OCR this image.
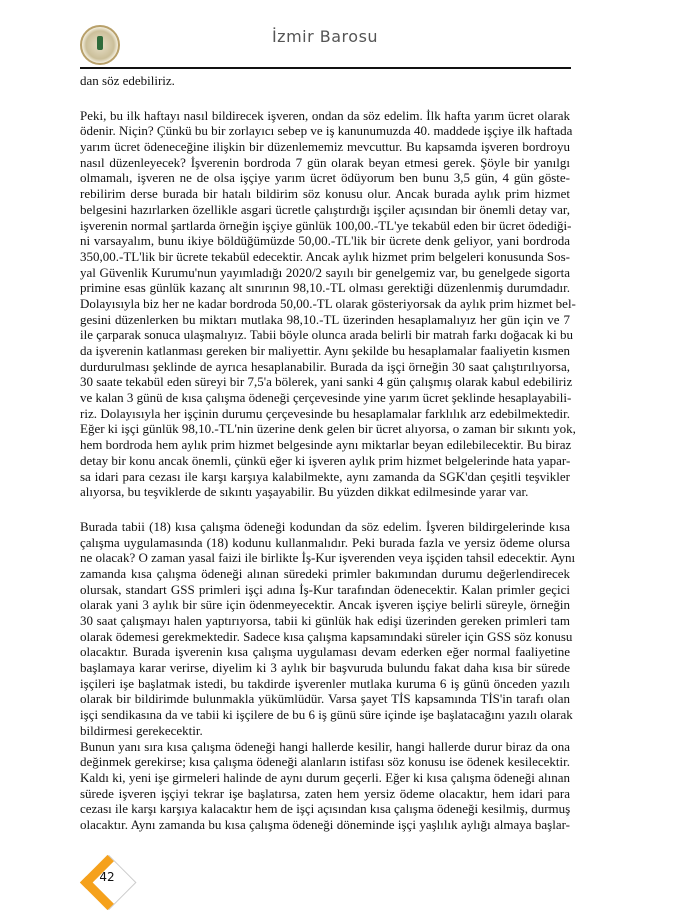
İzmir Barosu
dan söz edebiliriz.
Peki, bu ilk haftayı nasıl bildirecek işveren, ondan da söz edelim. İlk hafta yarım ücret olarak
ödenir. Niçin? Çünkü bu bir zorlayıcı sebep ve iş kanunumuzda 40. maddede işçiye ilk haftada
yarım ücret ödeneceğine ilişkin bir düzenlememiz mevcuttur. Bu kapsamda işveren bordroyu
nasıl düzenleyecek? İşverenin bordroda 7 gün olarak beyan etmesi gerek. Şöyle bir yanılgı
olmamalı, işveren ne de olsa işçiye yarım ücret ödüyorum ben bunu 3,5 gün, 4 gün göste-
rebilirim derse burada bir hatalı bildirim söz konusu olur. Ancak burada aylık prim hizmet
belgesini hazırlarken özellikle asgari ücretle çalıştırdığı işçiler açısından bir önemli detay var,
işverenin normal şartlarda örneğin işçiye günlük 100,00.-TL'ye tekabül eden bir ücret ödediği-
ni varsayalım, bunu ikiye böldüğümüzde 50,00.-TL'lik bir ücrete denk geliyor, yani bordroda
350,00.-TL'lik bir ücrete tekabül edecektir. Ancak aylık hizmet prim belgeleri konusunda Sos-
yal Güvenlik Kurumu'nun yayımladığı 2020/2 sayılı bir genelgemiz var, bu genelgede sigorta
primine esas günlük kazanç alt sınırının 98,10.-TL olması gerektiği düzenlenmiş durumdadır.
Dolayısıyla biz her ne kadar bordroda 50,00.-TL olarak gösteriyorsak da aylık prim hizmet bel-
gesini düzenlerken bu miktarı mutlaka 98,10.-TL üzerinden hesaplamalıyız her gün için ve 7
ile çarparak sonuca ulaşmalıyız. Tabii böyle olunca arada belirli bir matrah farkı doğacak ki bu
da işverenin katlanması gereken bir maliyettir. Aynı şekilde bu hesaplamalar faaliyetin kısmen
durdurulması şeklinde de ayrıca hesaplanabilir. Burada da işçi örneğin 30 saat çalıştırılıyorsa,
30 saate tekabül eden süreyi bir 7,5'a bölerek, yani sanki 4 gün çalışmış olarak kabul edebiliriz
ve kalan 3 günü de kısa çalışma ödeneği çerçevesinde yine yarım ücret şeklinde hesaplayabili-
riz. Dolayısıyla her işçinin durumu çerçevesinde bu hesaplamalar farklılık arz edebilmektedir.
Eğer ki işçi günlük 98,10.-TL'nin üzerine denk gelen bir ücret alıyorsa, o zaman bir sıkıntı yok,
hem bordroda hem aylık prim hizmet belgesinde aynı miktarlar beyan edilebilecektir. Bu biraz
detay bir konu ancak önemli, çünkü eğer ki işveren aylık prim hizmet belgelerinde hata yapar-
sa idari para cezası ile karşı karşıya kalabilmekte, aynı zamanda da SGK'dan çeşitli teşvikler
alıyorsa, bu teşviklerde de sıkıntı yaşayabilir. Bu yüzden dikkat edilmesinde yarar var.
Burada tabii (18) kısa çalışma ödeneği kodundan da söz edelim. İşveren bildirgelerinde kısa
çalışma uygulamasında (18) kodunu kullanmalıdır. Peki burada fazla ve yersiz ödeme olursa
ne olacak? O zaman yasal faizi ile birlikte İş-Kur işverenden veya işçiden tahsil edecektir. Aynı
zamanda kısa çalışma ödeneği alınan süredeki primler bakımından durumu değerlendirecek
olursak, standart GSS primleri işçi adına İş-Kur tarafından ödenecektir. Kalan primler geçici
olarak yani 3 aylık bir süre için ödenmeyecektir. Ancak işveren işçiye belirli süreyle, örneğin
30 saat çalışmayı halen yaptırıyorsa, tabii ki günlük hak edişi üzerinden gereken primleri tam
olarak ödemesi gerekmektedir. Sadece kısa çalışma kapsamındaki süreler için GSS söz konusu
olacaktır. Burada işverenin kısa çalışma uygulaması devam ederken eğer normal faaliyetine
başlamaya karar verirse, diyelim ki 3 aylık bir başvuruda bulundu fakat daha kısa bir sürede
işçileri işe başlatmak istedi, bu takdirde işverenler mutlaka kuruma 6 iş günü önceden yazılı
olarak bir bildirimde bulunmakla yükümlüdür. Varsa şayet TİS kapsamında TİS'in tarafı olan
işçi sendikasına da ve tabii ki işçilere de bu 6 iş günü süre içinde işe başlatacağını yazılı olarak
bildirmesi gerekecektir.
Bunun yanı sıra kısa çalışma ödeneği hangi hallerde kesilir, hangi hallerde durur biraz da ona
değinmek gerekirse; kısa çalışma ödeneği alanların istifası söz konusu ise ödenek kesilecektir.
Kaldı ki, yeni işe girmeleri halinde de aynı durum geçerli. Eğer ki kısa çalışma ödeneği alınan
sürede işveren işçiyi tekrar işe başlatırsa, zaten hem yersiz ödeme olacaktır, hem idari para
cezası ile karşı karşıya kalacaktır hem de işçi açısından kısa çalışma ödeneği kesilmiş, durmuş
olacaktır. Aynı zamanda bu kısa çalışma ödeneği döneminde işçi yaşlılık aylığı almaya başlar-
42
